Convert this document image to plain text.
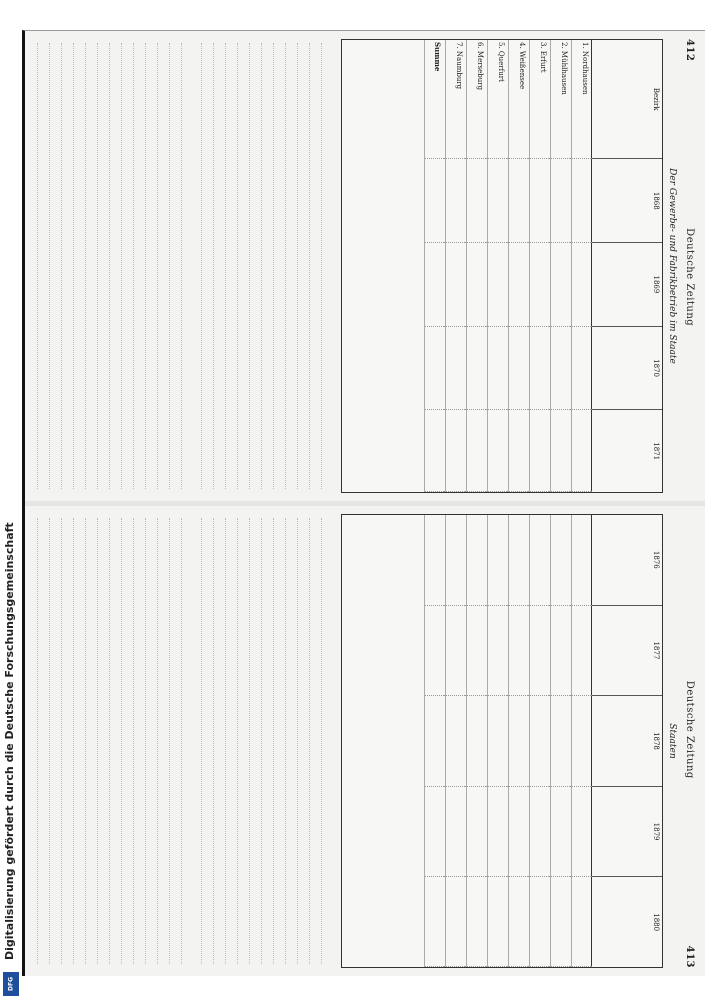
Digitalisierung gefördert durch die Deutsche Forschungsgemeinschaft
DFG
412
Deutsche Zeitung
Der Gewerbe- und Fabrikbetrieb im Staate
Bezirk
1868
1869
1870
1871
1. Nordhausen
2. Mühlhausen
3. Erfurt
4. Weißensee
5. Querfurt
6. Merseburg
7. Naumburg
Summe
Deutsche Zeitung
413
Staaten
1876
1877
1878
1879
1880
